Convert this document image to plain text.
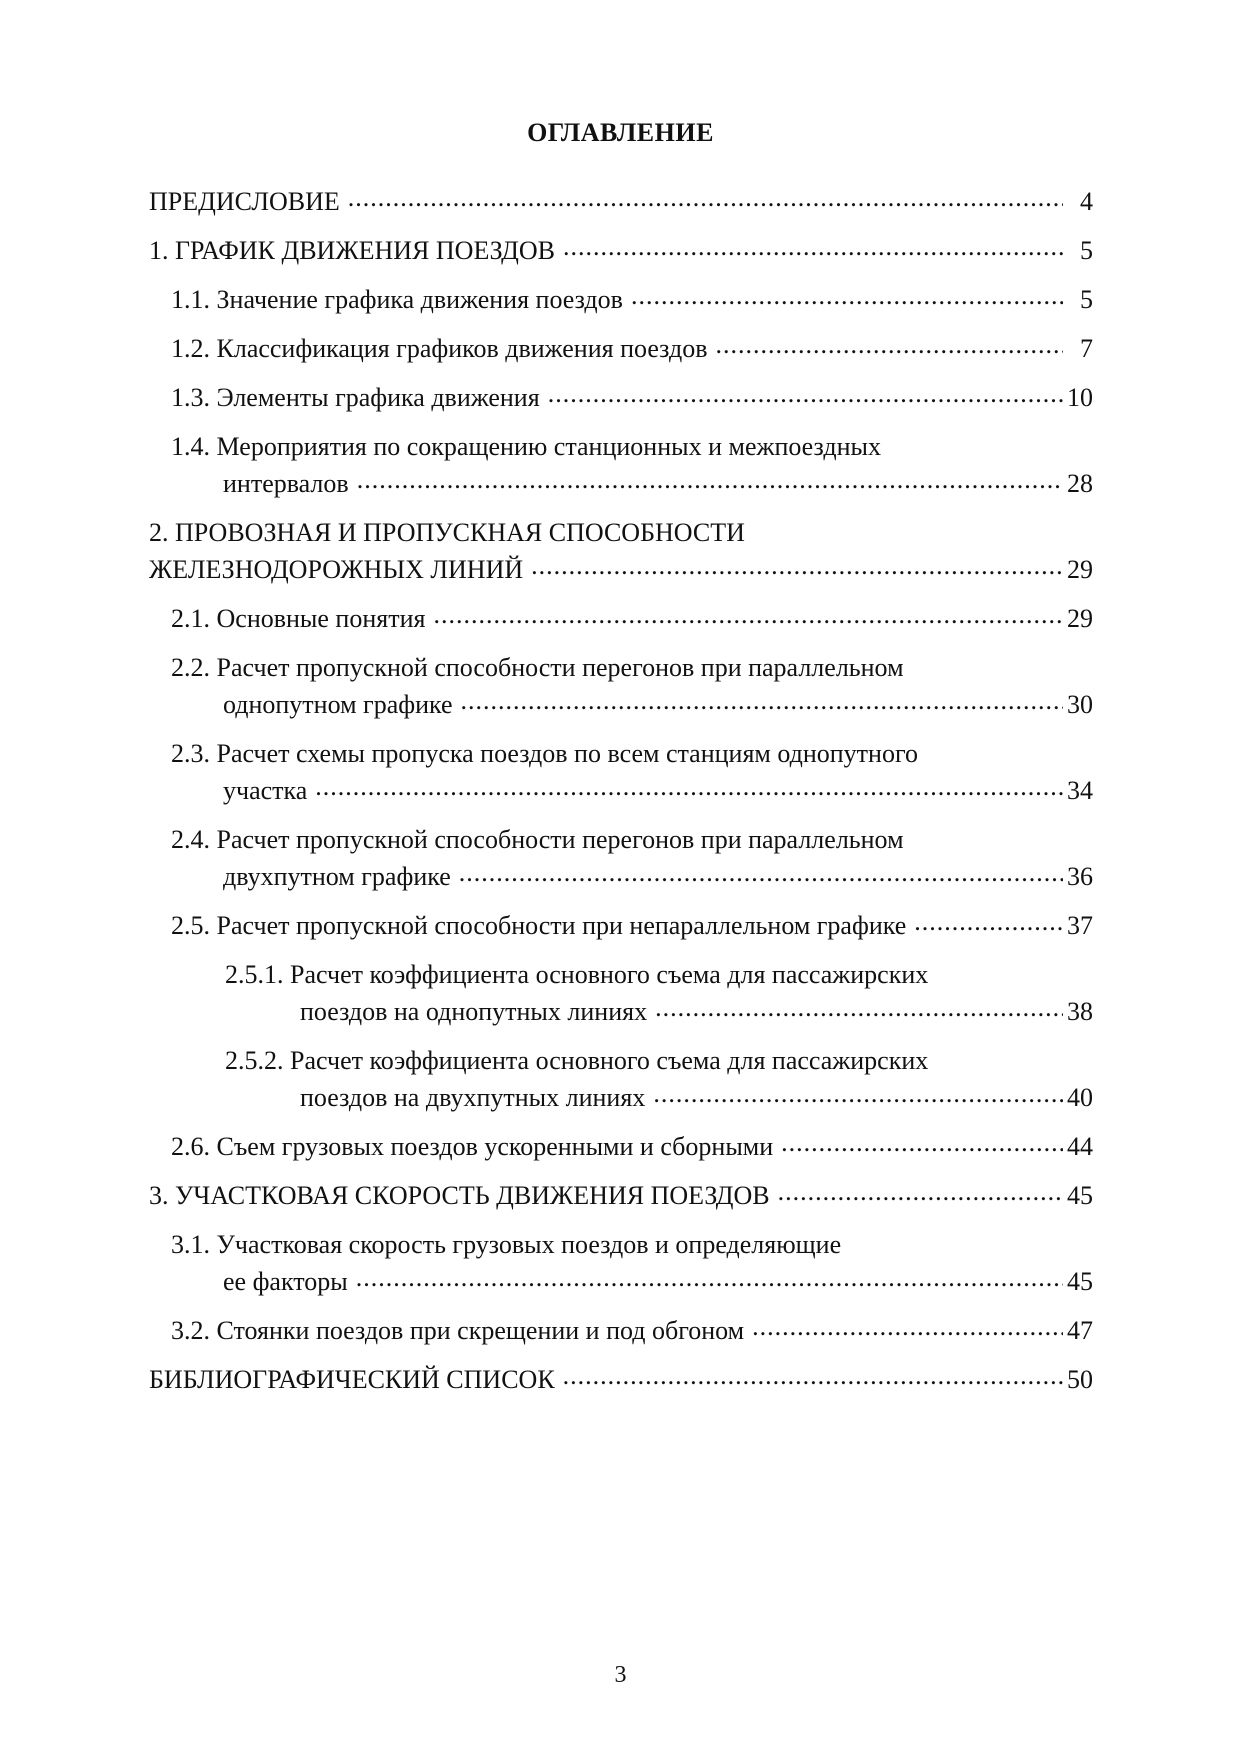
ОГЛАВЛЕНИЕ
ПРЕДИСЛОВИЕ .....	4
1. ГРАФИК ДВИЖЕНИЯ ПОЕЗДОВ .....	5
1.1. Значение графика движения поездов .....	5
1.2. Классификация графиков движения поездов .....	7
1.3. Элементы графика движения .....	10
1.4. Мероприятия по сокращению станционных и межпоездных
интервалов .....	28
2. ПРОВОЗНАЯ И ПРОПУСКНАЯ СПОСОБНОСТИ
ЖЕЛЕЗНОДОРОЖНЫХ ЛИНИЙ .....	29
2.1. Основные понятия .....	29
2.2. Расчет пропускной способности перегонов при параллельном
однопутном графике .....	30
2.3. Расчет схемы пропуска поездов по всем станциям однопутного
участка .....	34
2.4. Расчет пропускной способности перегонов при параллельном
двухпутном графике .....	36
2.5. Расчет пропускной способности при непараллельном графике .....	37
2.5.1. Расчет коэффициента основного съема для пассажирских
поездов на однопутных линиях .....	38
2.5.2. Расчет коэффициента основного съема для пассажирских
поездов на двухпутных линиях .....	40
2.6. Съем грузовых поездов ускоренными и сборными .....	44
3. УЧАСТКОВАЯ СКОРОСТЬ ДВИЖЕНИЯ ПОЕЗДОВ .....	45
3.1. Участковая скорость грузовых поездов и определяющие
ее факторы .....	45
3.2. Стоянки поездов при скрещении и под обгоном .....	47
БИБЛИОГРАФИЧЕСКИЙ СПИСОК .....	50
3
